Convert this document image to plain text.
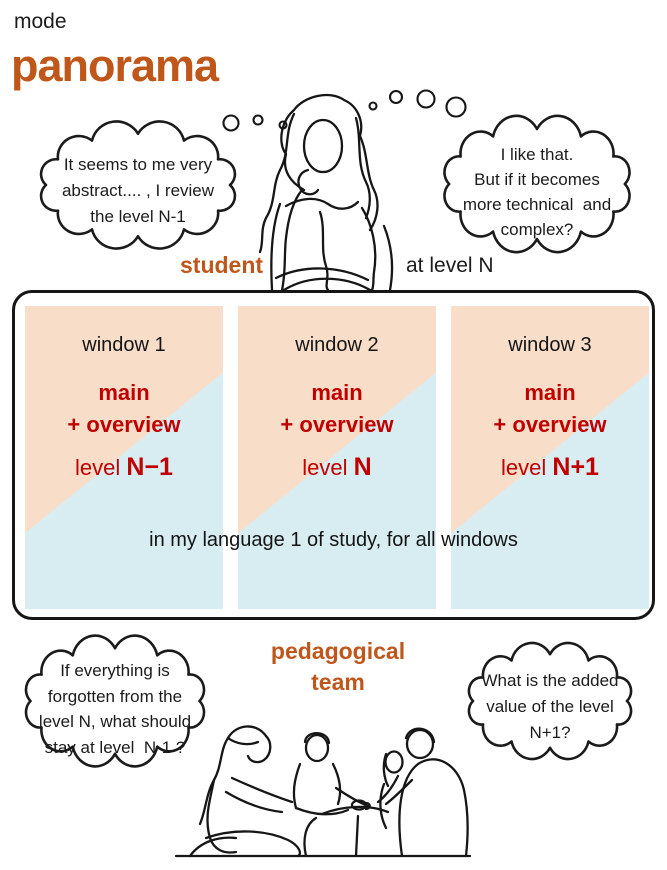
mode
panorama
It seems to me very
abstract.... , I review
the level N-1
I like that.
But if it becomes
more technical  and
complex?
student	at level N
window 1
main
+ overview
level N−1
window 2
main
+ overview
level N
window 3
main
+ overview
level N+1
in my language 1 of study, for all windows
pedagogical
team
If everything is
forgotten from the
level N, what should
stay at level  N-1 ?
What is the added
value of the level
N+1?
